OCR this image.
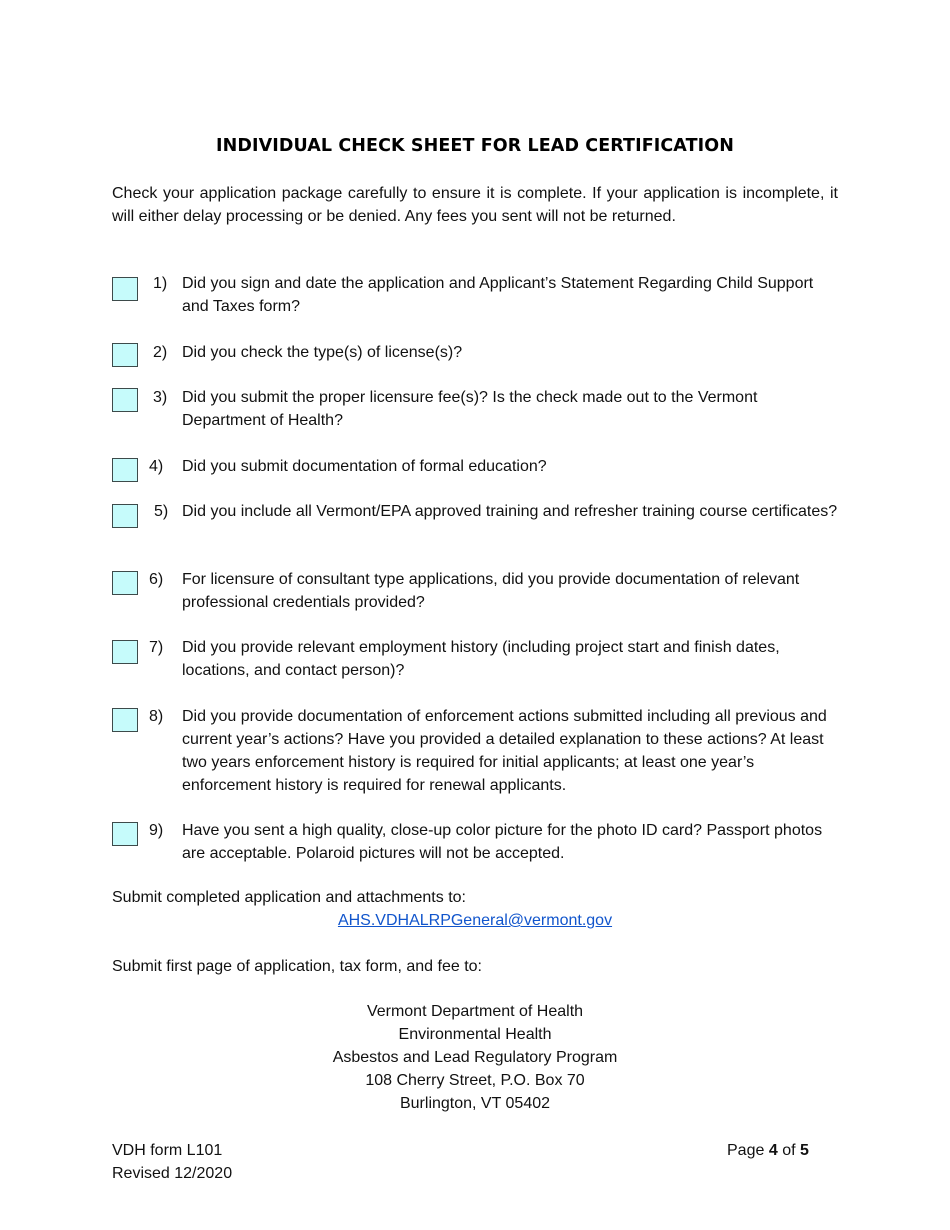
INDIVIDUAL CHECK SHEET FOR LEAD CERTIFICATION
Check your application package carefully to ensure it is complete. If your application is incomplete, it will either delay processing or be denied. Any fees you sent will not be returned.
1) Did you sign and date the application and Applicant’s Statement Regarding Child Support and Taxes form?
2) Did you check the type(s) of license(s)?
3) Did you submit the proper licensure fee(s)? Is the check made out to the Vermont Department of Health?
4)	Did you submit documentation of formal education?
5) Did you include all Vermont/EPA approved training and refresher training course certificates?
6)	For licensure of consultant type applications, did you provide documentation of relevant professional credentials provided?
7)	Did you provide relevant employment history (including project start and finish dates, locations, and contact person)?
8)	Did you provide documentation of enforcement actions submitted including all previous and current year’s actions? Have you provided a detailed explanation to these actions? At least two years enforcement history is required for initial applicants; at least one year’s enforcement history is required for renewal applicants.
9)	Have you sent a high quality, close-up color picture for the photo ID card? Passport photos are acceptable. Polaroid pictures will not be accepted.
Submit completed application and attachments to:
AHS.VDHALRPGeneral@vermont.gov
Submit first page of application, tax form, and fee to:
Vermont Department of Health
Environmental Health
Asbestos and Lead Regulatory Program
108 Cherry Street, P.O. Box 70
Burlington, VT 05402
VDH form L101
Revised 12/2020
Page 4 of 5
